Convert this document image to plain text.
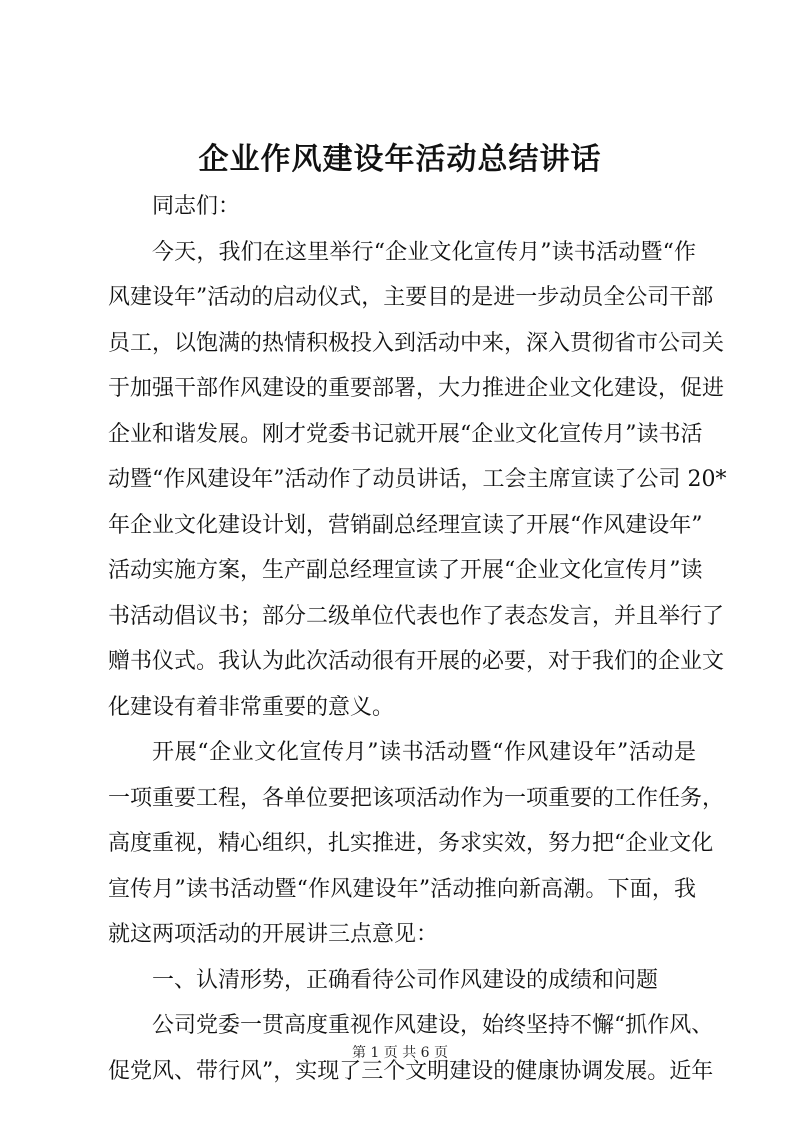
企业作风建设年活动总结讲话
同志们：
今天，我们在这里举行“企业文化宣传月”读书活动暨“作
风建设年”活动的启动仪式，主要目的是进一步动员全公司干部
员工，以饱满的热情积极投入到活动中来，深入贯彻省市公司关
于加强干部作风建设的重要部署，大力推进企业文化建设，促进
企业和谐发展。刚才党委书记就开展“企业文化宣传月”读书活
动暨“作风建设年”活动作了动员讲话，工会主席宣读了公司 20*
年企业文化建设计划，营销副总经理宣读了开展“作风建设年”
活动实施方案，生产副总经理宣读了开展“企业文化宣传月”读
书活动倡议书；部分二级单位代表也作了表态发言，并且举行了
赠书仪式。我认为此次活动很有开展的必要，对于我们的企业文
化建设有着非常重要的意义。
开展“企业文化宣传月”读书活动暨“作风建设年”活动是
一项重要工程，各单位要把该项活动作为一项重要的工作任务，
高度重视，精心组织，扎实推进，务求实效，努力把“企业文化
宣传月”读书活动暨“作风建设年”活动推向新高潮。下面，我
就这两项活动的开展讲三点意见：
一、认清形势，正确看待公司作风建设的成绩和问题
公司党委一贯高度重视作风建设，始终坚持不懈“抓作风、
促党风、带行风”，实现了三个文明建设的健康协调发展。近年
第 1 页 共 6 页
